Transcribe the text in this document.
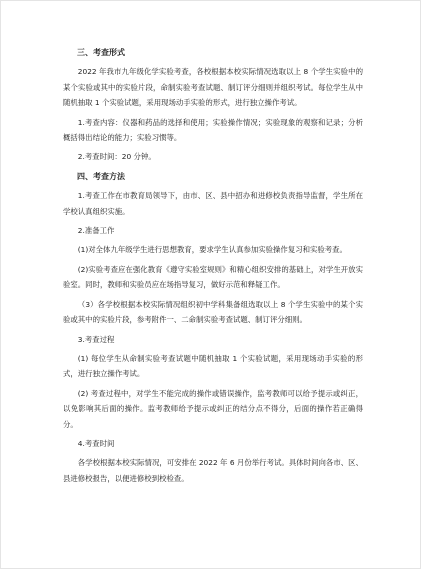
三、考查形式

2022 年我市九年级化学实验考查，各校根据本校实际情况选取以上 8 个学生实验中的某个实验或其中的实验片段，命制实验考查试题、制订评分细则并组织考试。每位学生从中随机抽取 1 个实验试题，采用现场动手实验的形式，进行独立操作考试。

1.考查内容：仪器和药品的选择和使用；实验操作情况；实验现象的观察和记录；分析概括得出结论的能力；实验习惯等。

2.考查时间：20 分钟。

四、考查方法

1.考查工作在市教育局领导下，由市、区、县中招办和进修校负责指导监督，学生所在学校认真组织实施。

2.准备工作

(1)对全体九年级学生进行思想教育，要求学生认真参加实验操作复习和实验考查。

(2)实验考查应在强化教育《遵守实验室规则》和精心组织安排的基础上，对学生开放实验室。同时，教师和实验员应在场指导复习，做好示范和释疑工作。

（3）各学校根据本校实际情况组织初中学科集备组选取以上 8 个学生实验中的某个实验或其中的实验片段，参考附件一、二命制实验考查试题、制订评分细则。

3.考查过程

(1) 每位学生从命制实验考查试题中随机抽取 1 个实验试题，采用现场动手实验的形式，进行独立操作考试。

(2) 考查过程中，对学生不能完成的操作或错误操作，监考教师可以给予提示或纠正，以免影响其后面的操作。监考教师给予提示或纠正的结分点不得分，后面的操作若正确得分。

4.考查时间

各学校根据本校实际情况，可安排在 2022 年 6 月份举行考试。具体时间向各市、区、县进修校报告，以便进修校到校检查。
